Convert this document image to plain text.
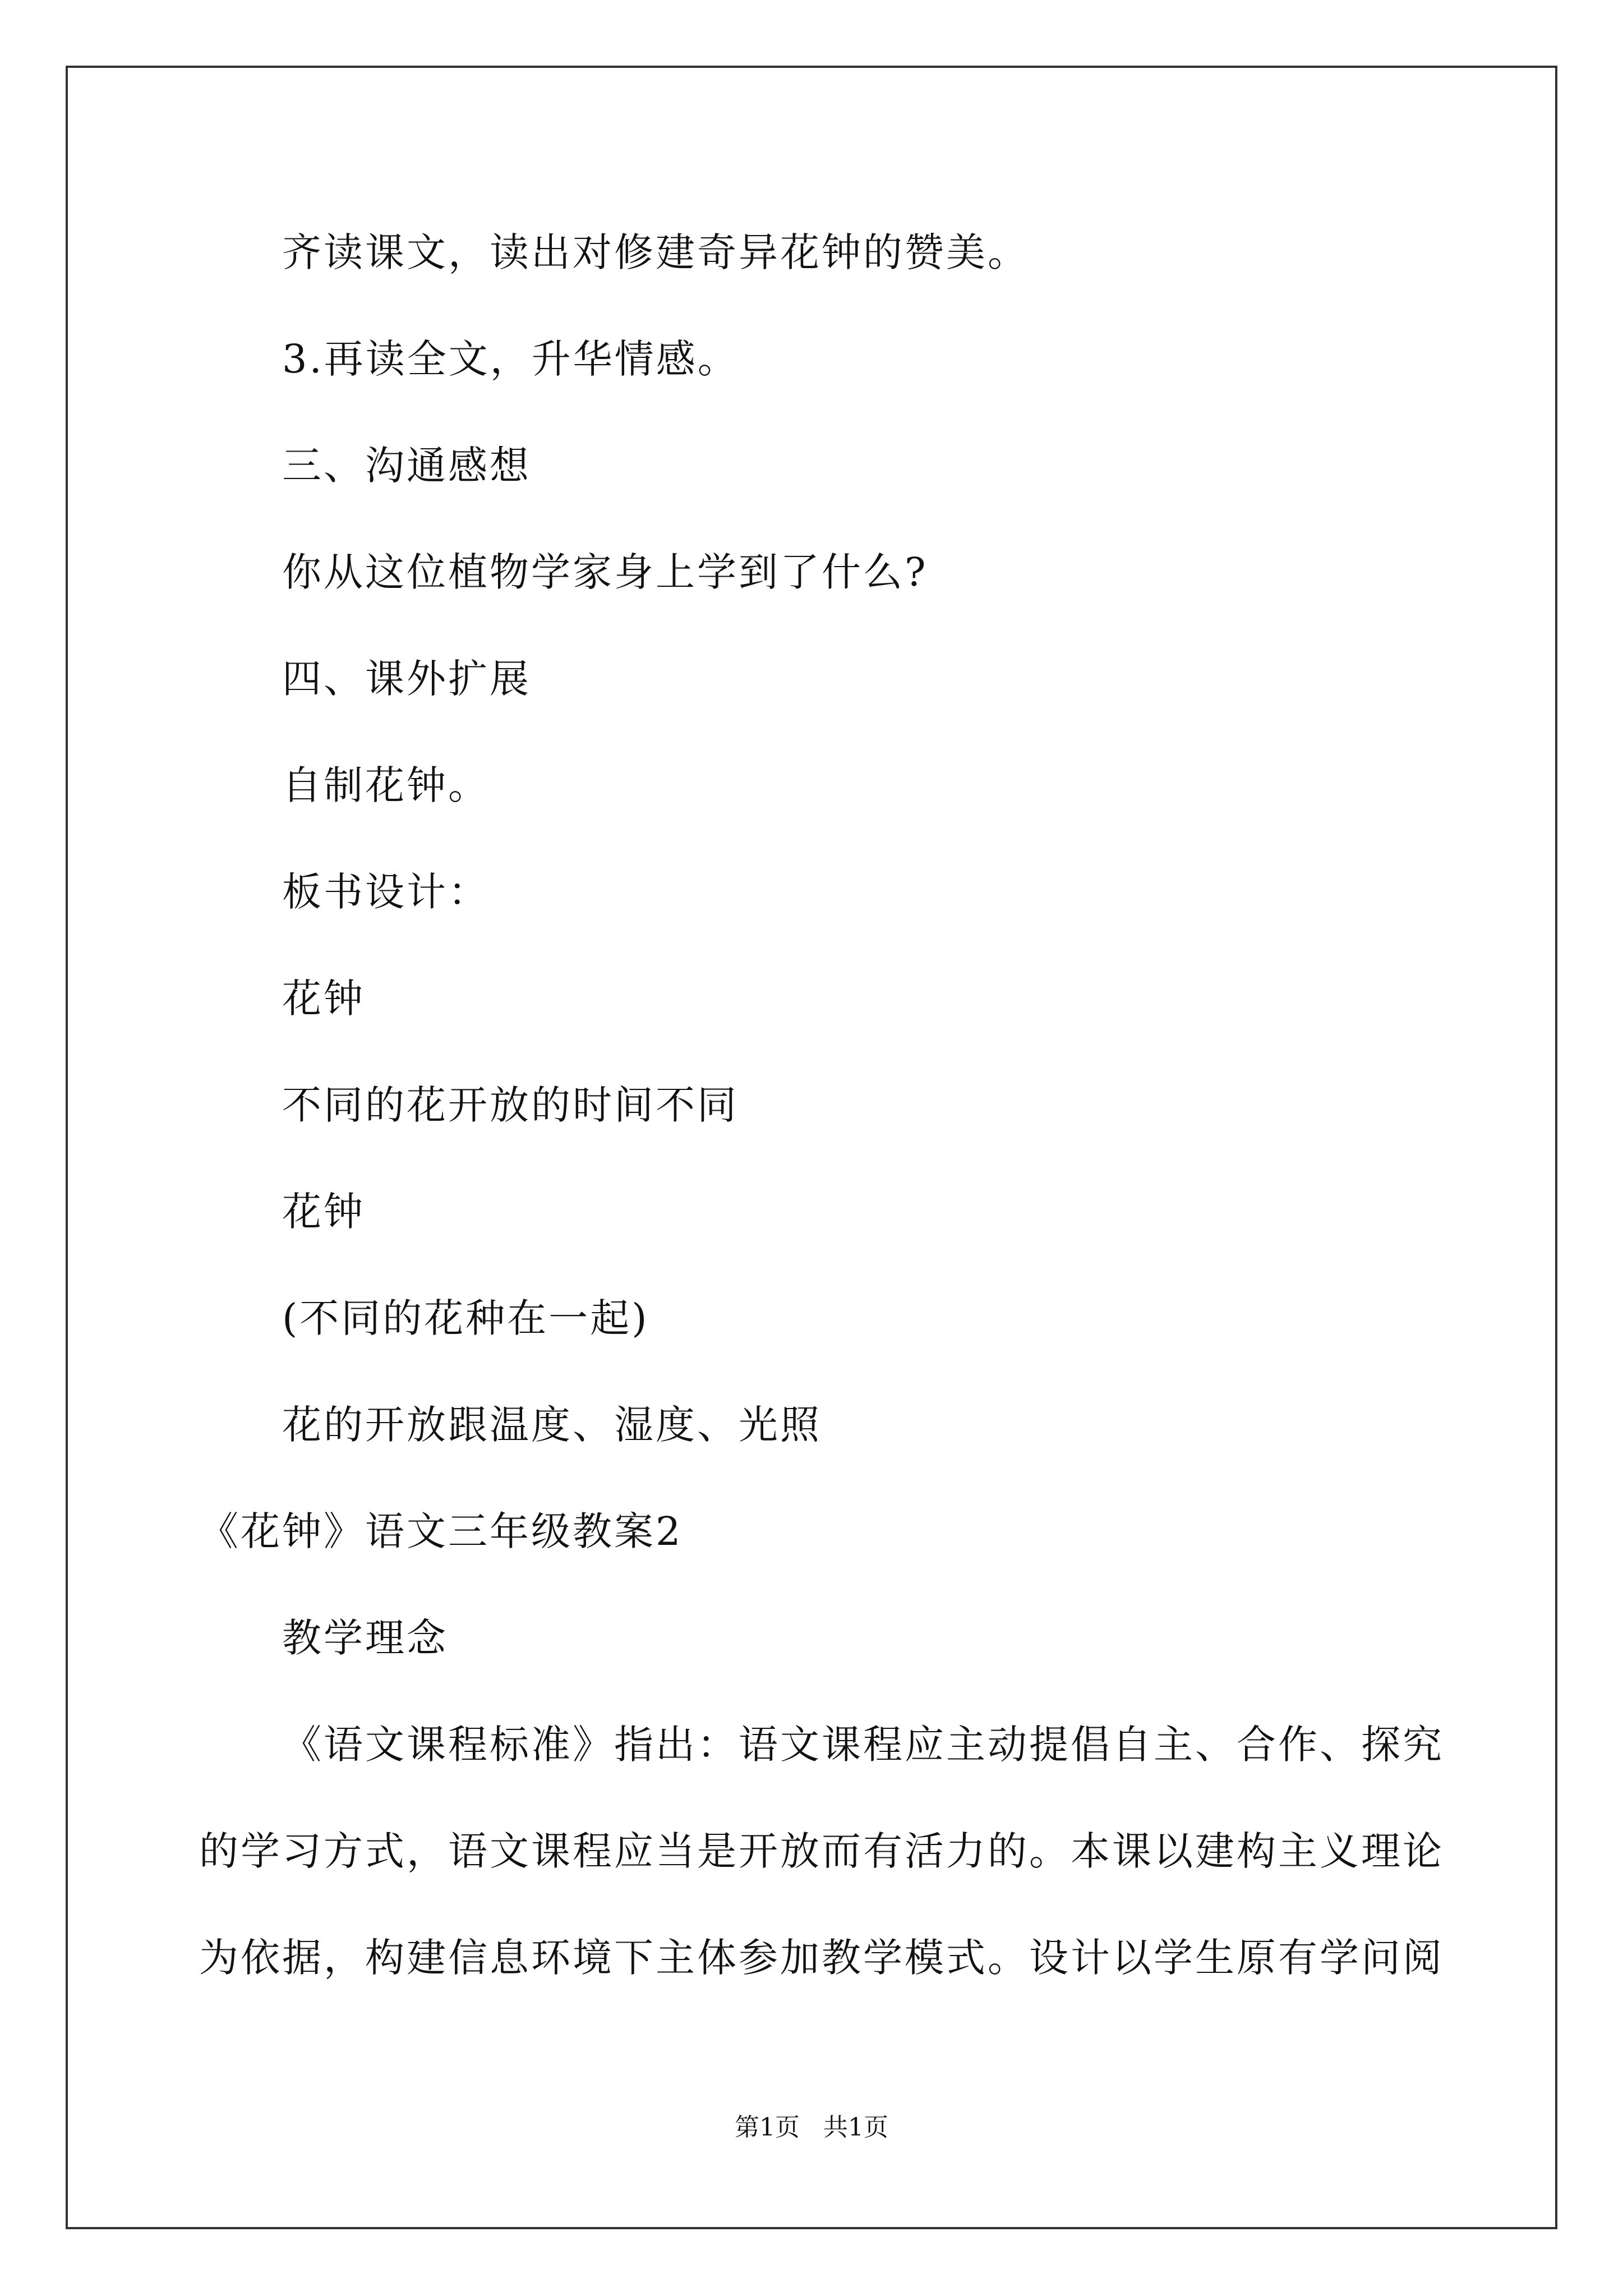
齐读课文，读出对修建奇异花钟的赞美。
3.再读全文，升华情感。
三、沟通感想
你从这位植物学家身上学到了什么?
四、课外扩展
自制花钟。
板书设计：
花钟
不同的花开放的时间不同
花钟
(不同的花种在一起)
花的开放跟温度、湿度、光照
《花钟》语文三年级教案2
教学理念
《语文课程标准》指出：语文课程应主动提倡自主、合作、探究
的学习方式，语文课程应当是开放而有活力的。本课以建构主义理论
为依据，构建信息环境下主体参加教学模式。设计以学生原有学问阅
第1页   共1页
